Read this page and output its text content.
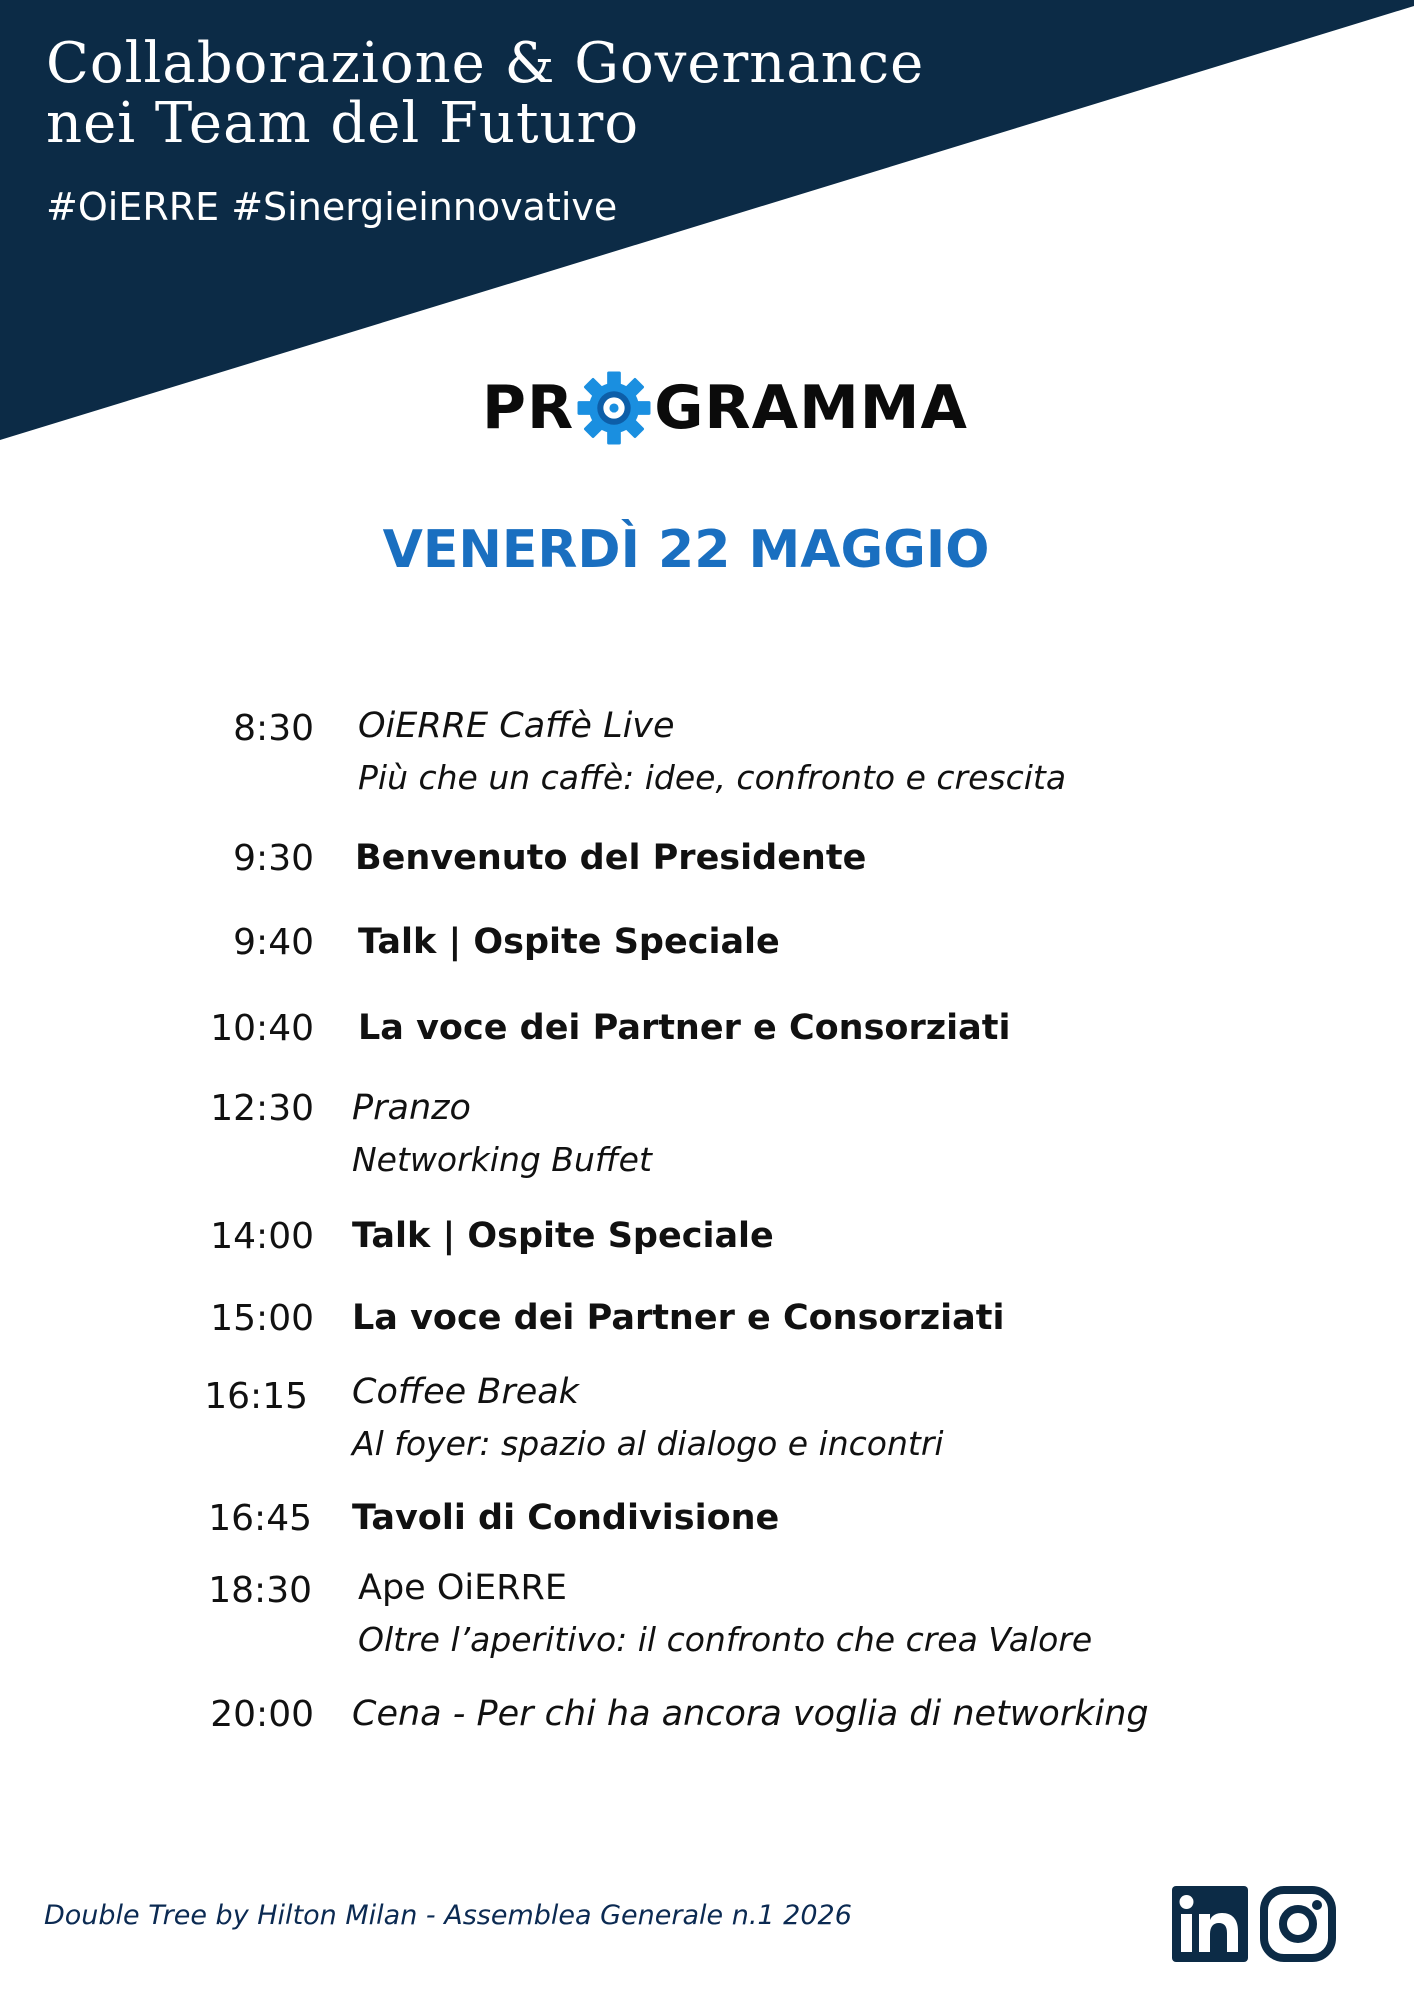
Collaborazione & Governance
nei Team del Futuro
#OiERRE #Sinergieinnovative
PR GRAMMA
VENERDÌ 22 MAGGIO
8:30 OiERRE Caffè Live
Più che un caffè: idee, confronto e crescita
9:30 Benvenuto del Presidente
9:40 Talk | Ospite Speciale
10:40 La voce dei Partner e Consorziati
12:30 Pranzo
Networking Buffet
14:00 Talk | Ospite Speciale
15:00 La voce dei Partner e Consorziati
16:15 Coffee Break
Al foyer: spazio al dialogo e incontri
16:45 Tavoli di Condivisione
18:30 Ape OiERRE
Oltre l’aperitivo: il confronto che crea Valore
20:00 Cena - Per chi ha ancora voglia di networking
Double Tree by Hilton Milan - Assemblea Generale n.1 2026
